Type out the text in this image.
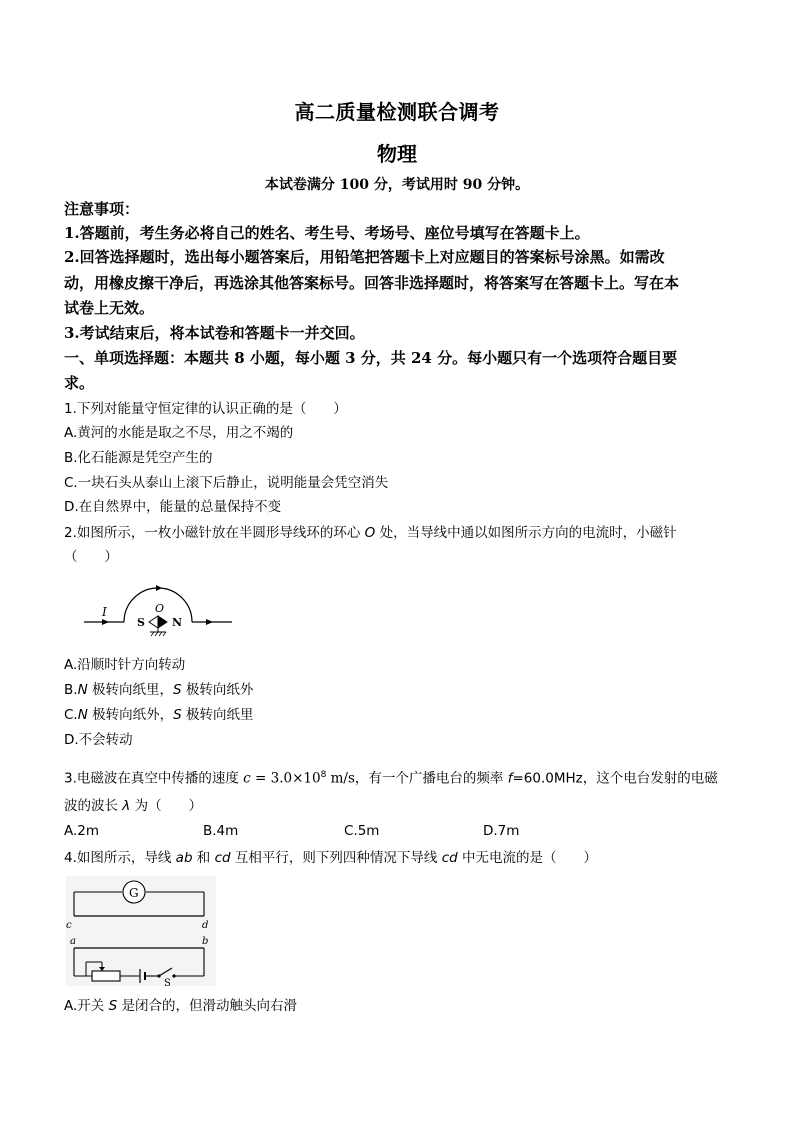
高二质量检测联合调考
物理
本试卷满分 100 分，考试用时 90 分钟。
注意事项：
1.答题前，考生务必将自己的姓名、考生号、考场号、座位号填写在答题卡上。
2.回答选择题时，选出每小题答案后，用铅笔把答题卡上对应题目的答案标号涂黑。如需改
动，用橡皮擦干净后，再选涂其他答案标号。回答非选择题时，将答案写在答题卡上。写在本
试卷上无效。
3.考试结束后，将本试卷和答题卡一并交回。
一、单项选择题：本题共 8 小题，每小题 3 分，共 24 分。每小题只有一个选项符合题目要
求。
1.下列对能量守恒定律的认识正确的是（　　）
A.黄河的水能是取之不尽，用之不竭的
B.化石能源是凭空产生的
C.一块石头从泰山上滚下后静止，说明能量会凭空消失
D.在自然界中，能量的总量保持不变
2.如图所示，一枚小磁针放在半圆形导线环的环心 O 处，当导线中通以如图所示方向的电流时，小磁针
（　　）
I	O
S N
A.沿顺时针方向转动
B.N 极转向纸里，S 极转向纸外
C.N 极转向纸外，S 极转向纸里
D.不会转动
3.电磁波在真空中传播的速度 $c = 3.0\times 10^8$ m/s，有一个广播电台的频率 f=60.0MHz，这个电台发射的电磁
波的波长 λ 为（　　）
A.2m	B.4m	C.5m	D.7m
4.如图所示，导线 ab 和 cd 互相平行，则下列四种情况下导线 cd 中无电流的是（　　）
G
c	d
a	b
S
A.开关 S 是闭合的，但滑动触头向右滑
